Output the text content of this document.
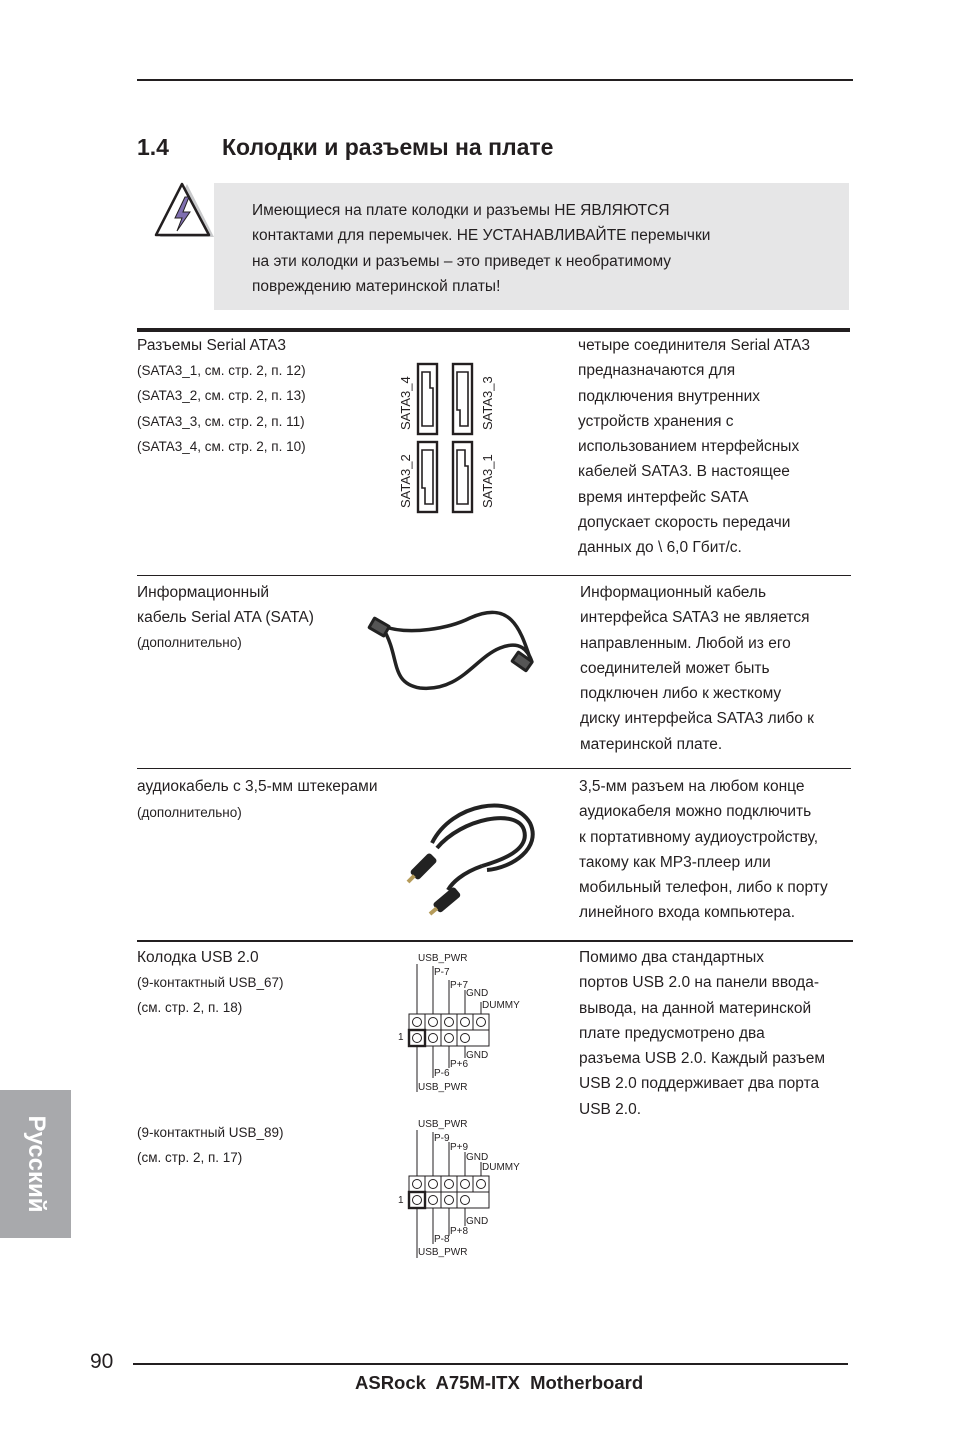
1.4 Колодки и разъемы на плате
Имеющиеся на плате колодки и разъемы НЕ ЯВЛЯЮТСЯ
контактами для перемычек. НЕ УСТАНАВЛИВАЙТЕ перемычки
на эти колодки и разъемы – это приведет к необратимому
повреждению материнской платы!
Разъемы Serial ATA3
(SATA3_1, см. стр. 2, п. 12)
(SATA3_2, см. стр. 2, п. 13)
(SATA3_3, см. стр. 2, п. 11)
(SATA3_4, см. стр. 2, п. 10)
SATA3_4	SATA3_3
SATA3_2	SATA3_1
четыре соединителя Serial ATA3
предназначаются для
подключения внутренних
устройств хранения с
использованием нтерфейсных
кабелей SATA3. В настоящее
время интерфейс SATA
допускает скорость передачи
данных до \ 6,0 Гбит/с.
Информационный
кабель Serial ATA (SATA)
(дополнительно)
Информационный кабель
интерфейса SATA3 не является
направленным. Любой из его
соединителей может быть
подключен либо к жесткому
диску интерфейса SATA3 либо к
материнской плате.
аудиокабель с 3,5-мм штекерами
(дополнительно)
3,5-мм разъем на любом конце
аудиокабеля можно подключить
к портативному аудиоустройству,
такому как MP3-плеер или
мобильный телефон, либо к порту
линейного входа компьютера.
Колодка USB 2.0
(9-контактный USB_67)
(см. стр. 2, п. 18)
USB_PWR
P-7
P+7
GND
DUMMY
1
GND
P+6
P-6
USB_PWR
(9-контактный USB_89)
(см. стр. 2, п. 17)
USB_PWR
P-9
P+9
GND
DUMMY
1
GND
P+8
P-8
USB_PWR
Помимо два стандартных
портов USB 2.0 на панели ввода-
вывода, на данной материнской
плате предусмотрено два
разъема USB 2.0. Каждый разъем
USB 2.0 поддерживает два порта
USB 2.0.
Русский
90
ASRock  A75M-ITX  Motherboard
